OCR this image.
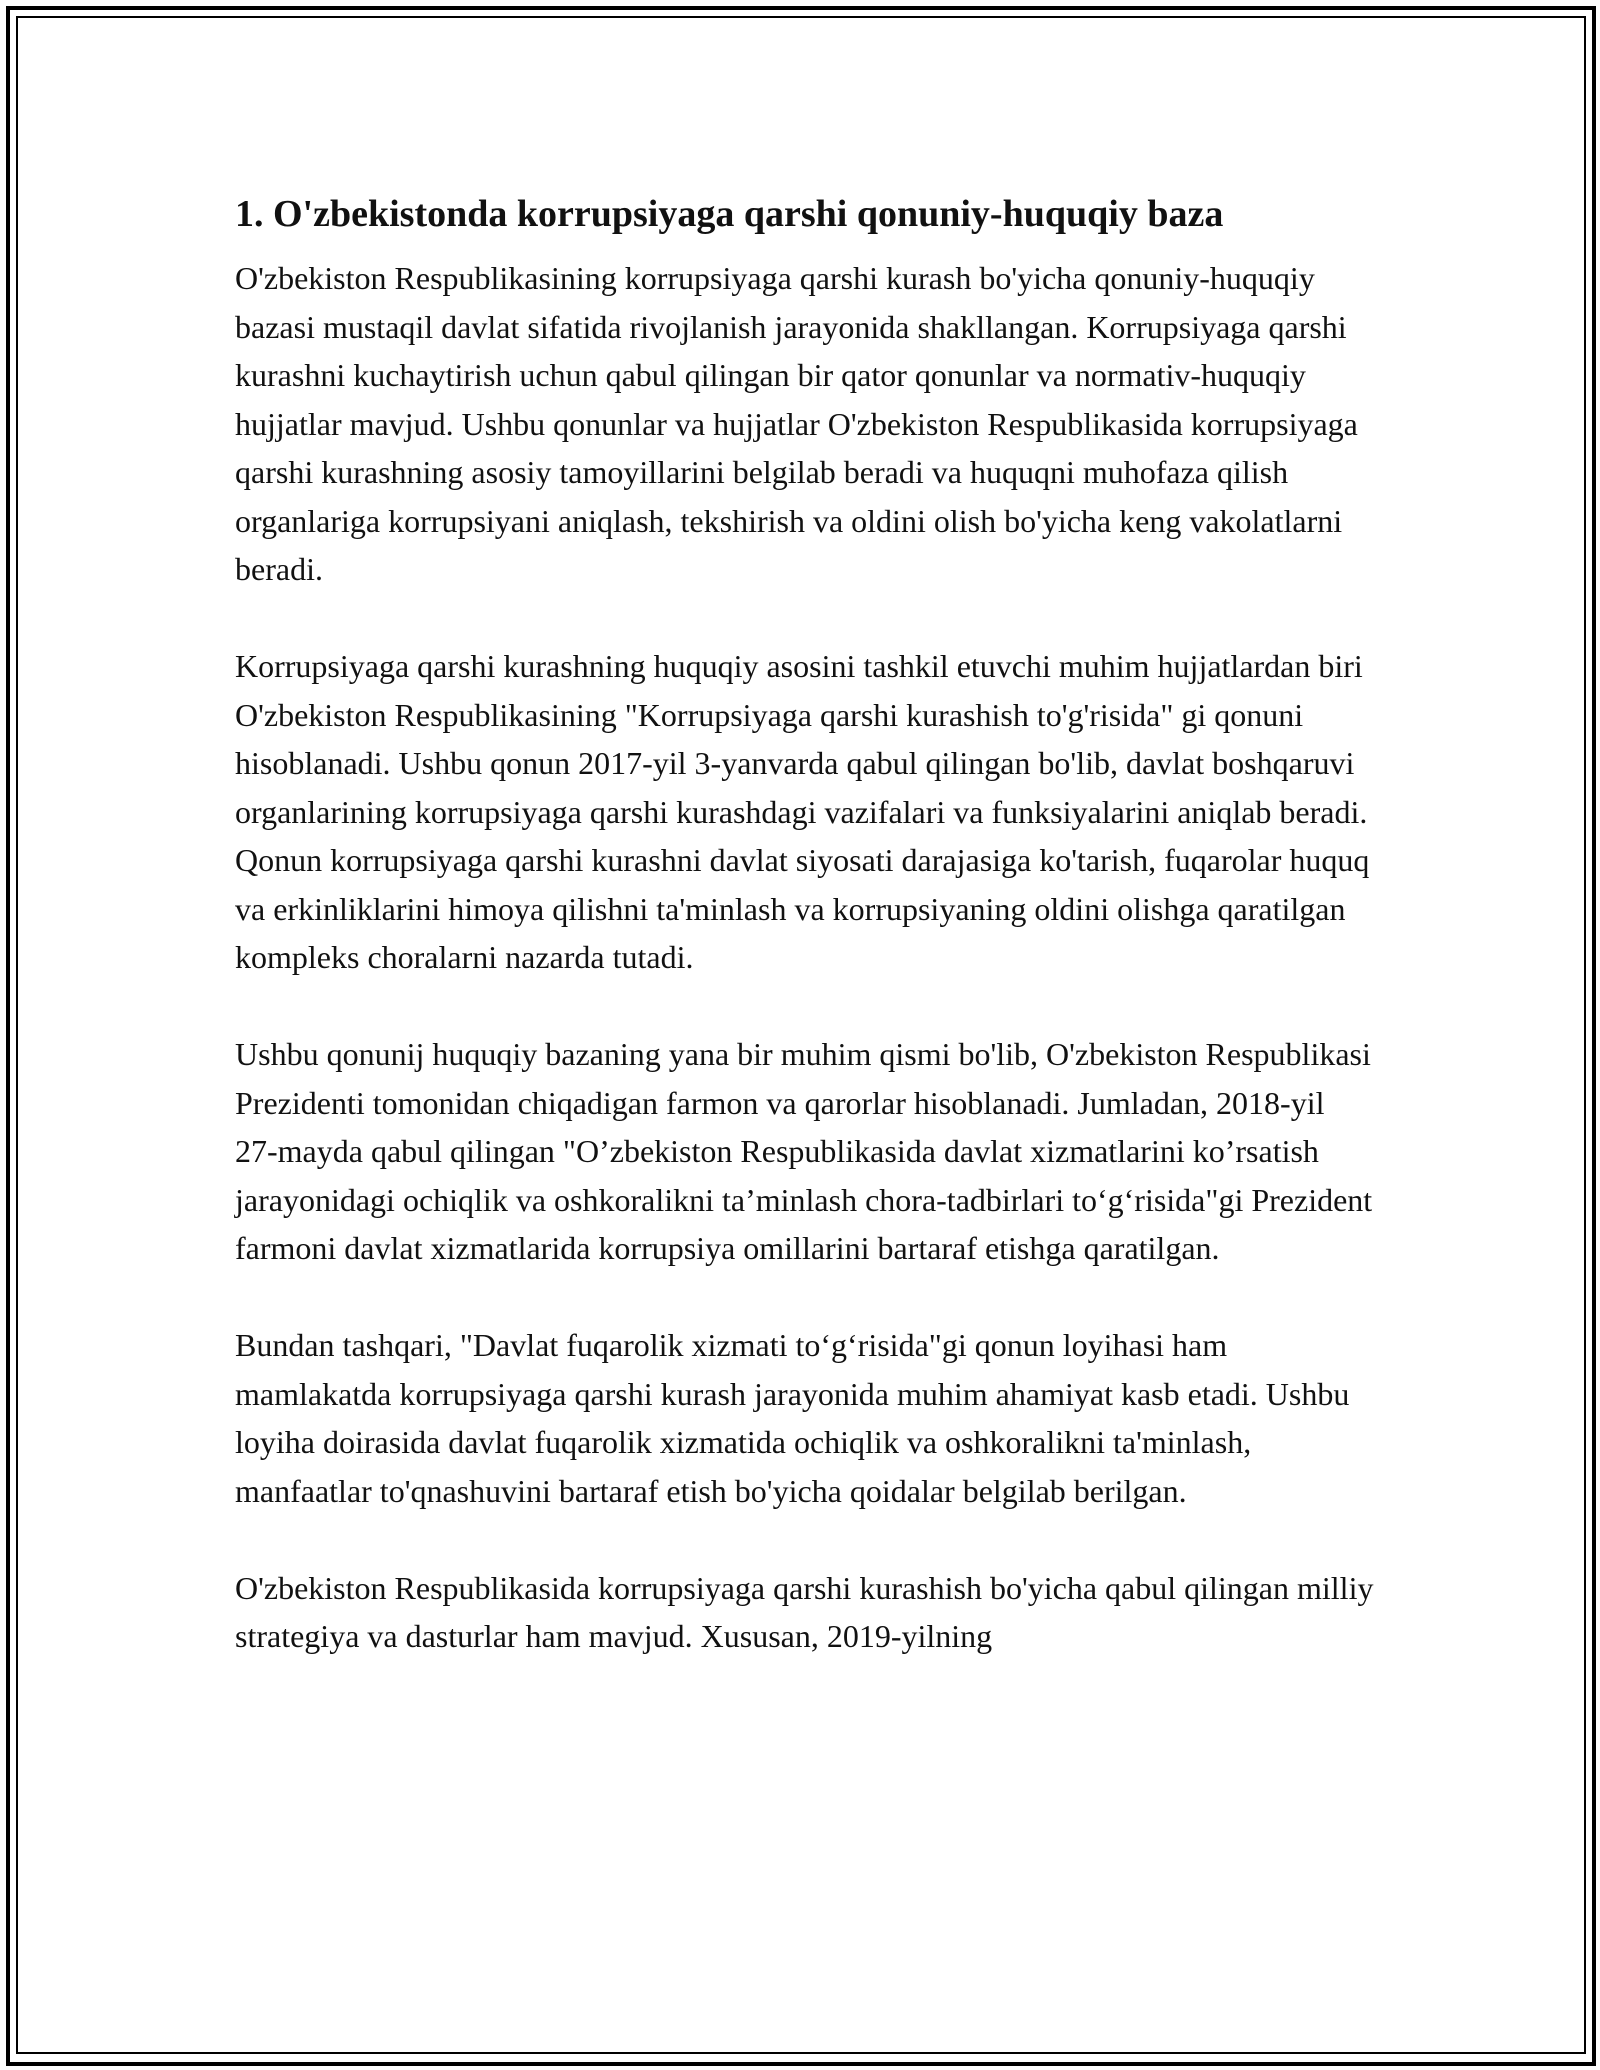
1. O'zbekistonda korrupsiyaga qarshi qonuniy-huquqiy baza

O'zbekiston Respublikasining korrupsiyaga qarshi kurash bo'yicha qonuniy-huquqiy bazasi mustaqil davlat sifatida rivojlanish jarayonida shakllangan. Korrupsiyaga qarshi kurashni kuchaytirish uchun qabul qilingan bir qator qonunlar va normativ-huquqiy hujjatlar mavjud. Ushbu qonunlar va hujjatlar O'zbekiston Respublikasida korrupsiyaga qarshi kurashning asosiy tamoyillarini belgilab beradi va huquqni muhofaza qilish organlariga korrupsiyani aniqlash, tekshirish va oldini olish bo'yicha keng vakolatlarni beradi.

Korrupsiyaga qarshi kurashning huquqiy asosini tashkil etuvchi muhim hujjatlardan biri O'zbekiston Respublikasining "Korrupsiyaga qarshi kurashish to'g'risida" gi qonuni hisoblanadi. Ushbu qonun 2017-yil 3-yanvarda qabul qilingan bo'lib, davlat boshqaruvi organlarining korrupsiyaga qarshi kurashdagi vazifalari va funksiyalarini aniqlab beradi. Qonun korrupsiyaga qarshi kurashni davlat siyosati darajasiga ko'tarish, fuqarolar huquq va erkinliklarini himoya qilishni ta'minlash va korrupsiyaning oldini olishga qaratilgan kompleks choralarni nazarda tutadi.

Ushbu qonunij huquqiy bazaning yana bir muhim qismi bo'lib, O'zbekiston Respublikasi Prezidenti tomonidan chiqadigan farmon va qarorlar hisoblanadi. Jumladan, 2018-yil 27-mayda qabul qilingan "O’zbekiston Respublikasida davlat xizmatlarini ko’rsatish jarayonidagi ochiqlik va oshkoralikni ta’minlash chora-tadbirlari to‘g‘risida"gi Prezident farmoni davlat xizmatlarida korrupsiya omillarini bartaraf etishga qaratilgan.

Bundan tashqari, "Davlat fuqarolik xizmati to‘g‘risida"gi qonun loyihasi ham mamlakatda korrupsiyaga qarshi kurash jarayonida muhim ahamiyat kasb etadi. Ushbu loyiha doirasida davlat fuqarolik xizmatida ochiqlik va oshkoralikni ta'minlash, manfaatlar to'qnashuvini bartaraf etish bo'yicha qoidalar belgilab berilgan.

O'zbekiston Respublikasida korrupsiyaga qarshi kurashish bo'yicha qabul qilingan milliy strategiya va dasturlar ham mavjud. Xususan, 2019-yilning
